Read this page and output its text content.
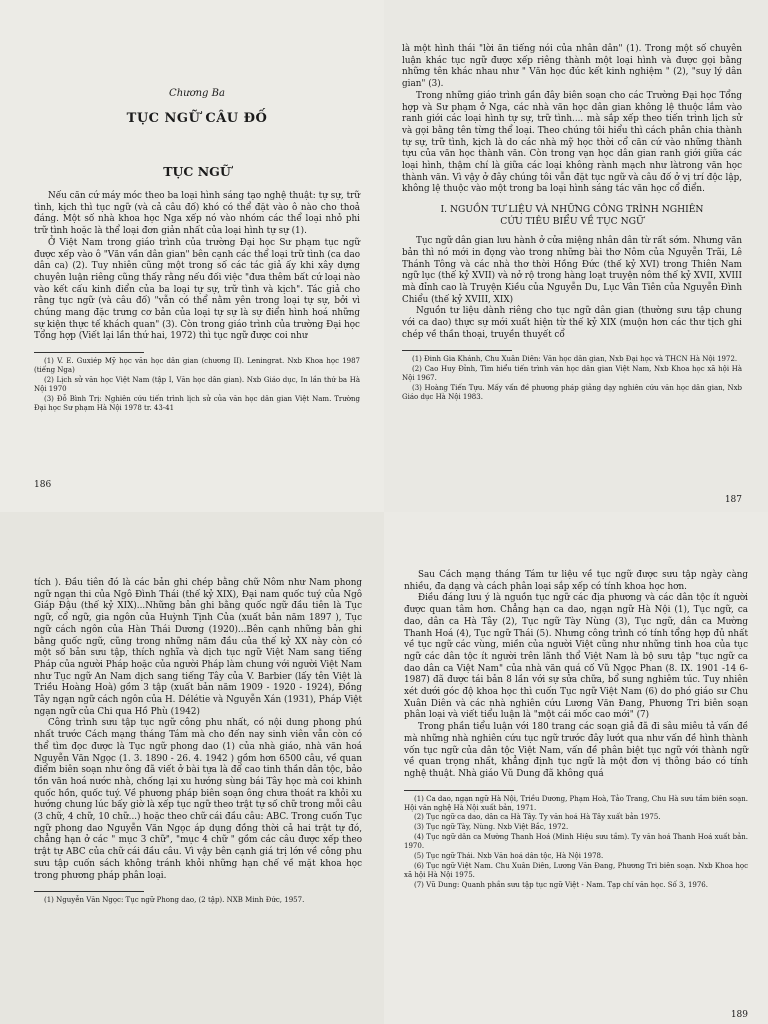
Chương Ba
TỤC NGỮ CÂU ĐỐ
TỤC NGỮ

Nếu căn cứ máy móc theo ba loại hình sáng tạo nghệ thuật: tự sự, trữ tình, kịch thì tục ngữ (và cả câu đố) khó có thể đặt vào ô nào cho thoả đáng. Một số nhà khoa học Nga xếp nó vào nhóm các thể loại nhỏ phi trữ tình hoặc là thể loại đơn giản nhất của loại hình tự sự (1).

Ở Việt Nam trong giáo trình của trường Đại học Sư phạm tục ngữ được xếp vào ô "Văn vần dân gian" bên cạnh các thể loại trữ tình (ca dao dân ca) (2). Tuy nhiên cũng một trong số các tác giả ấy khi xây dựng chuyên luận riêng cũng thấy rằng nếu đối việc "đưa thêm bất cứ loại nào vào kết cấu kinh điển của ba loại tự sự, trữ tình và kịch". Tác giả cho rằng tục ngữ (và câu đố) "vẫn có thể nằm yên trong loại tự sự, bởi vì chúng mang đặc trưng cơ bản của loại tự sự là sự điển hình hoá những sự kiện thực tế khách quan" (3). Còn trong giáo trình của trường Đại học Tổng hợp (Viết lại lần thứ hai, 1972) thì tục ngữ được coi như

(1) V. E. Guxiép Mỹ học văn học dân gian (chương II). Leningrat. Nxb Khoa học 1987 (tiếng Nga)

(2) Lịch sử văn học Việt Nam (tập I, Văn học dân gian). Nxb Giáo dục, In lần thứ ba Hà Nội 1970

(3) Đỗ Bình Trị: Nghiên cứu tiến trình lịch sử của văn học dân gian Việt Nam. Trường Đại học Sư phạm Hà Nội 1978 tr. 43-41

186

là một hình thái "lời ăn tiếng nói của nhân dân" (1). Trong một số chuyên luận khác tục ngữ được xếp riêng thành một loại hình và được gọi bằng những tên khác nhau như " Văn học đúc kết kinh nghiệm " (2), "suy lý dân gian" (3).

Trong những giáo trình gần đây biên soạn cho các Trường Đại học Tổng hợp và Sư phạm ở Nga, các nhà văn học dân gian không lệ thuộc lắm vào ranh giới các loại hình tự sự, trữ tình.... mà sắp xếp theo tiến trình lịch sử và gọi bằng tên từng thể loại. Theo chúng tôi hiểu thì cách phân chia thành tự sự, trữ tình, kịch là do các nhà mỹ học thời cổ căn cứ vào những thành tựu của văn học thành văn. Còn trong vạn học dân gian ranh giới giữa các loại hình, thậm chí là giữa các loại không rành mạch như làtrong văn học thành văn. Vì vậy ở đây chúng tôi vẫn đặt tục ngữ và câu đố ở vị trí độc lập, không lệ thuộc vào một trong ba loại hình sáng tác văn học cổ điển.

I. NGUỒN TƯ LIỆU VÀ NHỮNG CÔNG TRÌNH NGHIÊN
CỨU TIÊU BIỂU VỀ TỤC NGỮ

Tục ngữ dân gian lưu hành ở cửa miệng nhân dân từ rất sớm. Nhưng văn bản thì nó mới in đọng vào trong những bài thơ Nôm của Nguyễn Trãi, Lê Thánh Tông và các nhà thơ thời Hồng Đức (thế kỷ XVI) trong Thiên Nam ngữ lục (thế kỷ XVII) và nở rộ trong hàng loạt truyện nôm thế kỷ XVII, XVIII mà đỉnh cao là Truyện Kiều của Nguyễn Du, Lục Vân Tiên của Nguyễn Đình Chiểu (thế kỷ XVIII, XIX)

Nguồn tư liệu dành riêng cho tục ngữ dân gian (thường sưu tập chung với ca dao) thực sự mới xuất hiện từ thế kỷ XIX (muộn hơn các thư tịch ghi chép về thần thoại, truyền thuyết cổ

(1) Đinh Gia Khánh, Chu Xuân Diên: Văn học dân gian, Nxb Đại học và THCN Hà Nội 1972.

(2) Cao Huy Đỉnh, Tìm hiểu tiến trình văn học dân gian Việt Nam, Nxb Khoa học xã hội Hà Nội 1967.

(3) Hoàng Tiến Tựu. Mấy vấn đề phương pháp giảng dạy nghiên cứu văn học dân gian, Nxb Giáo dục Hà Nội 1983.

187

tích ). Đầu tiên đó là các bản ghi chép bằng chữ Nôm như Nam phong ngữ ngạn thi của Ngô Đình Thái (thế kỷ XIX), Đại nam quốc tuý của Ngô Giáp Đậu (thế kỷ XIX)...Những bản ghi bằng quốc ngữ đầu tiên là Tục ngữ, cổ ngữ, gia ngôn của Huỳnh Tịnh Của (xuất bản năm 1897 ), Tục ngữ cách ngôn của Hàn Thái Dương (1920)...Bên cạnh những bản ghi bằng quốc ngữ, cũng trong những năm đầu của thế kỷ XX này còn có một số bản sưu tập, thích nghĩa và dịch tục ngữ Việt Nam sang tiếng Pháp của người Pháp hoặc của người Pháp làm chung với người Việt Nam như Tục ngữ An Nam dịch sang tiếng Tây của V. Barbier (lấy tên Việt là Triều Hoàng Hoà) gồm 3 tập (xuất bản năm 1909 - 1920 - 1924), Đồng Tây ngạn ngữ cách ngôn của H. Délétie và Nguyễn Xán (1931), Pháp Việt ngạn ngữ của Chi qua Hồ Phù (1942)

Công trình sưu tập tục ngữ công phu nhất, có nội dung phong phú nhất trước Cách mạng tháng Tám mà cho đến nay sinh viên vẫn còn có thể tìm đọc được là Tục ngữ phong dao (1) của nhà giáo, nhà văn hoá Nguyễn Văn Ngọc (1. 3. 1890 - 26. 4. 1942 ) gồm hơn 6500 câu, về quan điểm biên soạn như ông đã viết ở bài tựa là để cao tinh thần dân tộc, bảo tồn văn hoá nước nhà, chống lại xu hướng sùng bái Tây học mà coi khinh quốc hồn, quốc tuý. Về phương pháp biên soạn ông chưa thoát ra khỏi xu hướng chung lúc bấy giờ là xếp tục ngữ theo trật tự số chữ trong mỗi câu (3 chữ, 4 chữ, 10 chữ...) hoặc theo chữ cái đầu câu: ABC. Trong cuốn Tục ngữ phong dao Nguyễn Văn Ngọc áp dụng đồng thời cả hai trật tự đó, chẳng hạn ở các " mục 3 chữ", "mục 4 chữ " gồm các câu được xếp theo trật tự ABC của chữ cái đầu câu. Vì vậy bên cạnh giá trị lớn về công phu sưu tập cuốn sách không tránh khỏi những hạn chế về mặt khoa học trong phương pháp phân loại.

(1) Nguyễn Văn Ngọc: Tục ngữ Phong dao, (2 tập). NXB Minh Đức, 1957.

Sau Cách mạng tháng Tám tư liệu về tục ngữ được sưu tập ngày càng nhiều, đa dạng và cách phân loại sắp xếp có tính khoa học hơn.

Điều đáng lưu ý là nguồn tục ngữ các địa phương và các dân tộc ít người được quan tâm hơn. Chẳng hạn ca dao, ngạn ngữ Hà Nội (1), Tục ngữ, ca dao, dân ca Hà Tây (2), Tục ngữ Tày Nùng (3), Tục ngữ, dân ca Mường Thanh Hoá (4), Tục ngữ Thái (5). Nhưng công trình có tính tổng hợp đủ nhất về tục ngữ các vùng, miền của người Việt cũng như những tinh hoa của tục ngữ các dân tộc ít người trên lãnh thổ Việt Nam là bộ sưu tập "tục ngữ ca dao dân ca Việt Nam" của nhà văn quá cố Vũ Ngọc Phan (8. IX. 1901 -14 6-1987) đã được tái bản 8 lần với sự sửa chữa, bổ sung nghiêm túc. Tuy nhiên xét dưới góc độ khoa học thì cuốn Tục ngữ Việt Nam (6) do phó giáo sư Chu Xuân Diên và các nhà nghiên cứu Lương Văn Đang, Phương Tri biên soạn phân loại và viết tiểu luận là "một cái mốc cao mới" (7)

Trong phần tiểu luận với 180 trang các soạn giả đã đi sâu miêu tả vấn đề mà những nhà nghiên cứu tục ngữ trước đây lướt qua như vấn đề hình thành vốn tục ngữ của dân tộc Việt Nam, vấn đề phân biệt tục ngữ với thành ngữ về quan trọng nhất, khẳng định tục ngữ là một đơn vị thông báo có tính nghệ thuật. Nhà giáo Vũ Dung đã không quá

(1) Ca dao, ngạn ngữ Hà Nội, Triều Dương, Phạm Hoà, Tảo Trang, Chu Hà sưu tầm biên soạn. Hội văn nghệ Hà Nội xuất bản, 1971.

(2) Tục ngữ ca dao, dân ca Hà Tây. Ty văn hoá Hà Tây xuất bản 1975.

(3) Tục ngữ Tày, Nùng. Nxb Việt Bắc, 1972.

(4) Tục ngữ dân ca Mường Thanh Hoá (Minh Hiệu sưu tầm). Ty văn hoá Thanh Hoá xuất bản. 1970.

(5) Tục ngữ Thái. Nxb Văn hoá dân tộc, Hà Nội 1978.

(6) Tục ngữ Việt Nam. Chu Xuân Diên, Lương Văn Đang, Phương Tri biên soạn. Nxb Khoa học xã hội Hà Nội 1975.

(7) Vũ Dung: Quanh phần sưu tập tục ngữ Việt - Nam. Tạp chí văn học. Số 3, 1976.

189
